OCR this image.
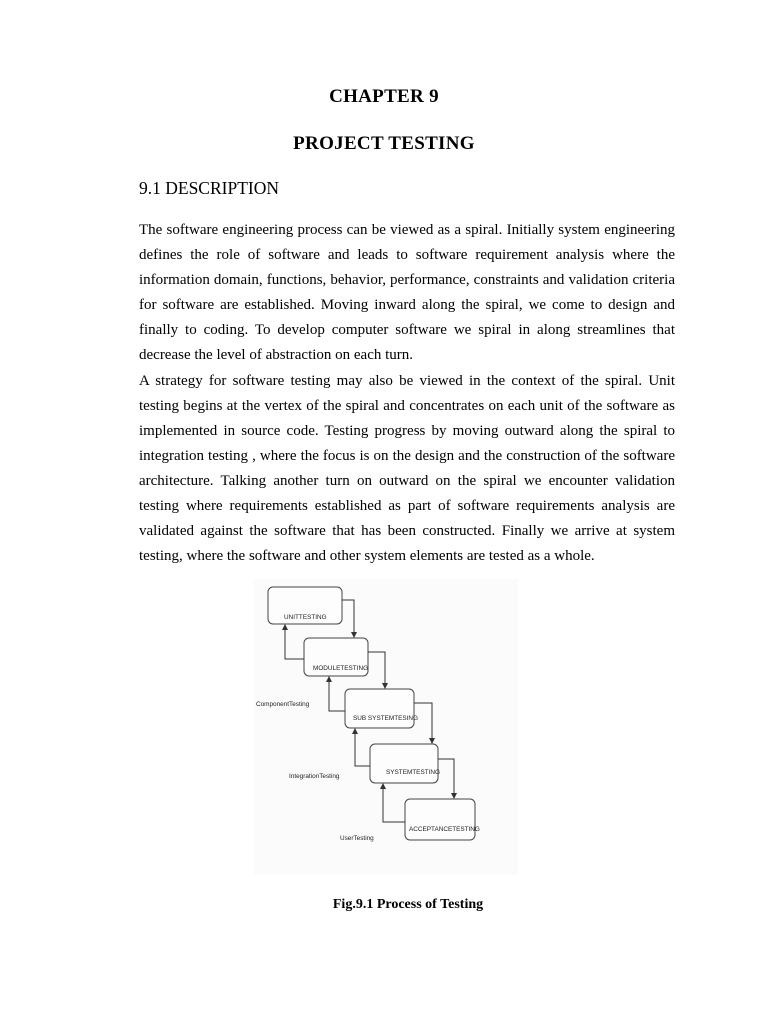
CHAPTER 9
PROJECT TESTING
9.1 DESCRIPTION

The software engineering process can be viewed as a spiral. Initially system engineering defines the role of software and leads to software requirement analysis where the information domain, functions, behavior, performance, constraints and validation criteria for software are established. Moving inward along the spiral, we come to design and finally to coding. To develop computer software we spiral in along streamlines that decrease the level of abstraction on each turn.

A strategy for software testing may also be viewed in the context of the spiral. Unit testing begins at the vertex of the spiral and concentrates on each unit of the software as implemented in source code. Testing progress by moving outward along the spiral to integration testing , where the focus is on the design and the construction of the software architecture. Talking another turn on outward on the spiral we encounter validation testing where requirements established as part of software requirements analysis are validated against the software that has been constructed. Finally we arrive at system testing, where the software and other system elements are tested as a whole.

UNITTESTING
MODULETESTING
SUB SYSTEMTESING
SYSTEMTESTING
ACCEPTANCETESTING
ComponentTesting
IntegrationTesting
UserTesting
Fig.9.1 Process of Testing
